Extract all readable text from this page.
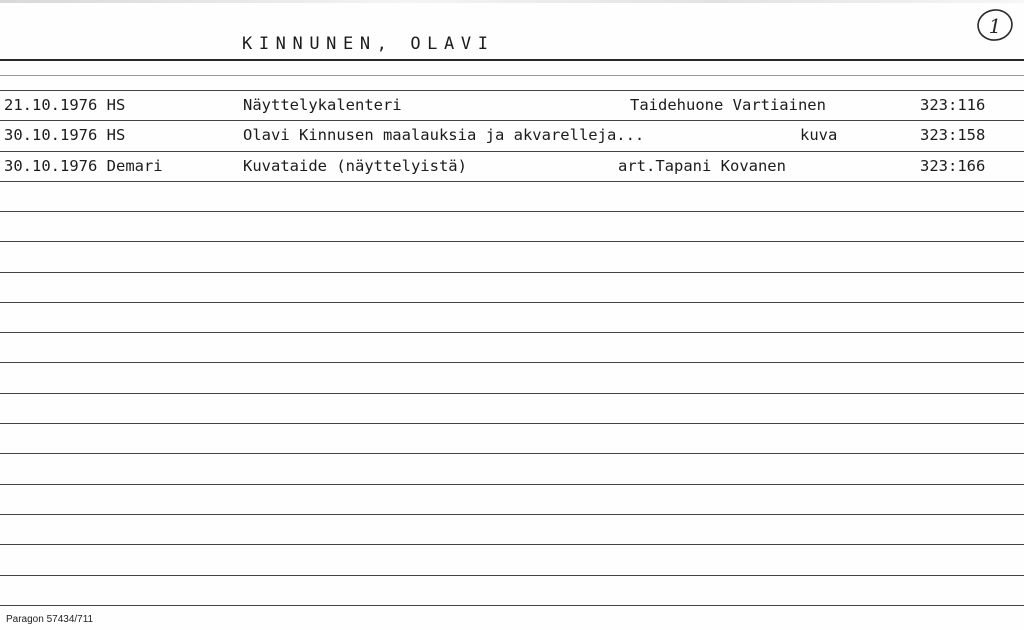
KINNUNEN, OLAVI
1
21.10.1976 HS	Näyttelykalenteri	Taidehuone Vartiainen	323:116
30.10.1976 HS	Olavi Kinnusen maalauksia ja akvarelleja...	kuva	323:158
30.10.1976 Demari	Kuvataide (näyttelyistä)	art.Tapani Kovanen	323:166
Paragon 57434/711
